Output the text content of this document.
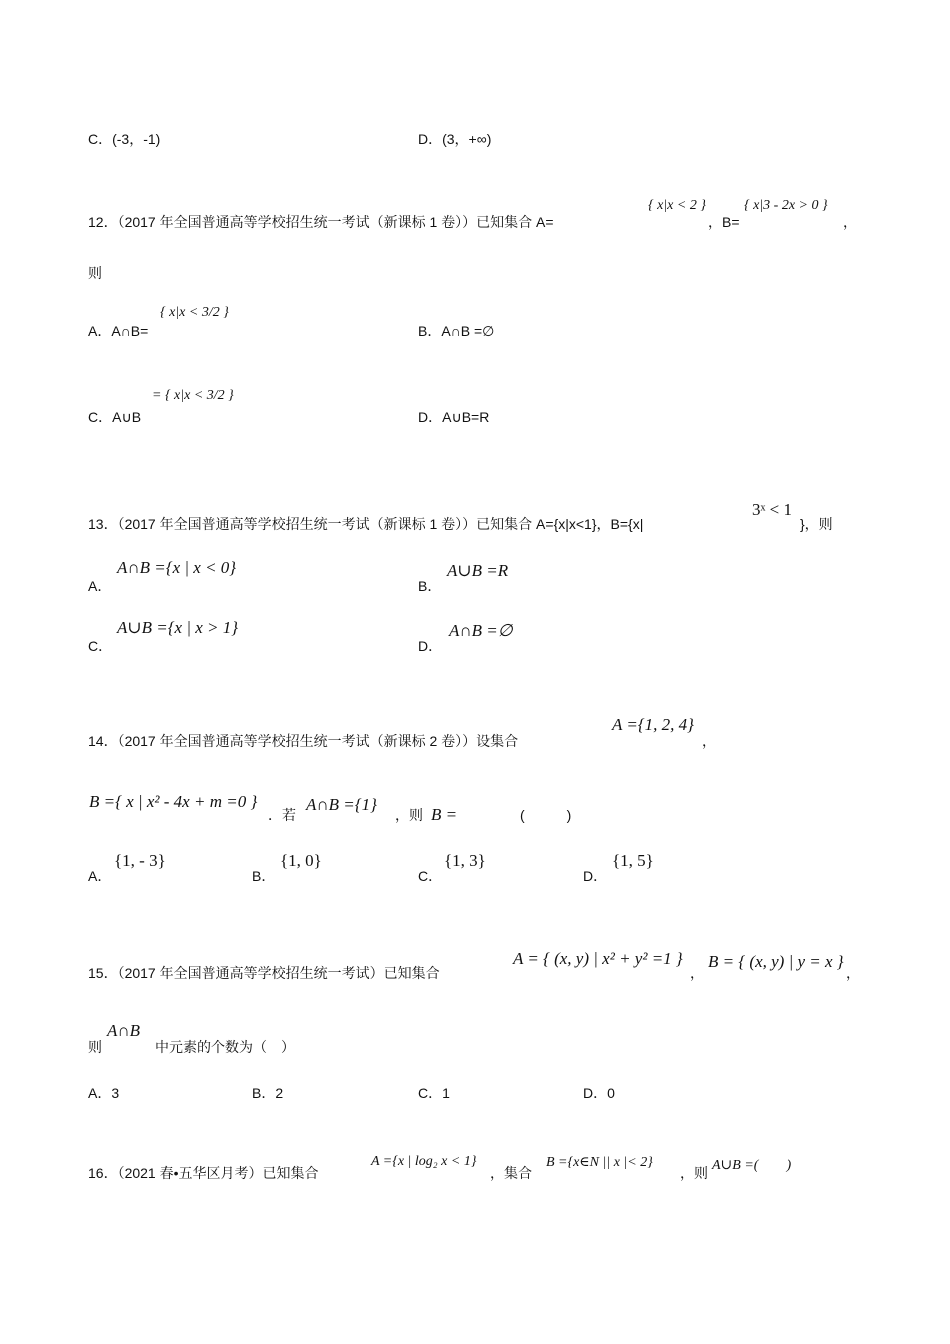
C．(-3，-1)	D．(3，+∞)
12．（2017 年全国普通高等学校招生统一考试（新课标 1 卷））已知集合 A=
{ x|x < 2 }
，B=
{ x|3 - 2x > 0 }
，
则
A．A∩B=
{ x|x < 3/2 }
B．A∩B =∅
C．A∪B
= { x|x < 3/2 }
D．A∪B=R
13．（2017 年全国普通高等学校招生统一考试（新课标 1 卷））已知集合 A={x|x<1}，B={x|
3ˣ < 1
}，则
A．
A∩B ={x | x < 0}
B．
A∪B =R
C．
A∪B ={x | x > 1}
D．
A∩B =∅
14．（2017 年全国普通高等学校招生统一考试（新课标 2 卷））设集合
A ={1, 2, 4}
，
B ={ x | x² - 4x + m =0 }
．若
A∩B ={1}
，则 B =	(　　　)
A．
{1, - 3}
B．
{1, 0}
C．
{1, 3}
D．
{1, 5}
15．（2017 年全国普通高等学校招生统一考试）已知集合
A = { (x, y) | x² + y² =1 }
，
B = { (x, y) | y = x }
，
则
A∩B
中元素的个数为（　）
A．3	B．2	C．1	D．0
16．（2021 春•五华区月考）已知集合
A ={x | log₂ x < 1}
，集合
B ={x∈N || x |< 2}
，则 A∪B =(　　)
